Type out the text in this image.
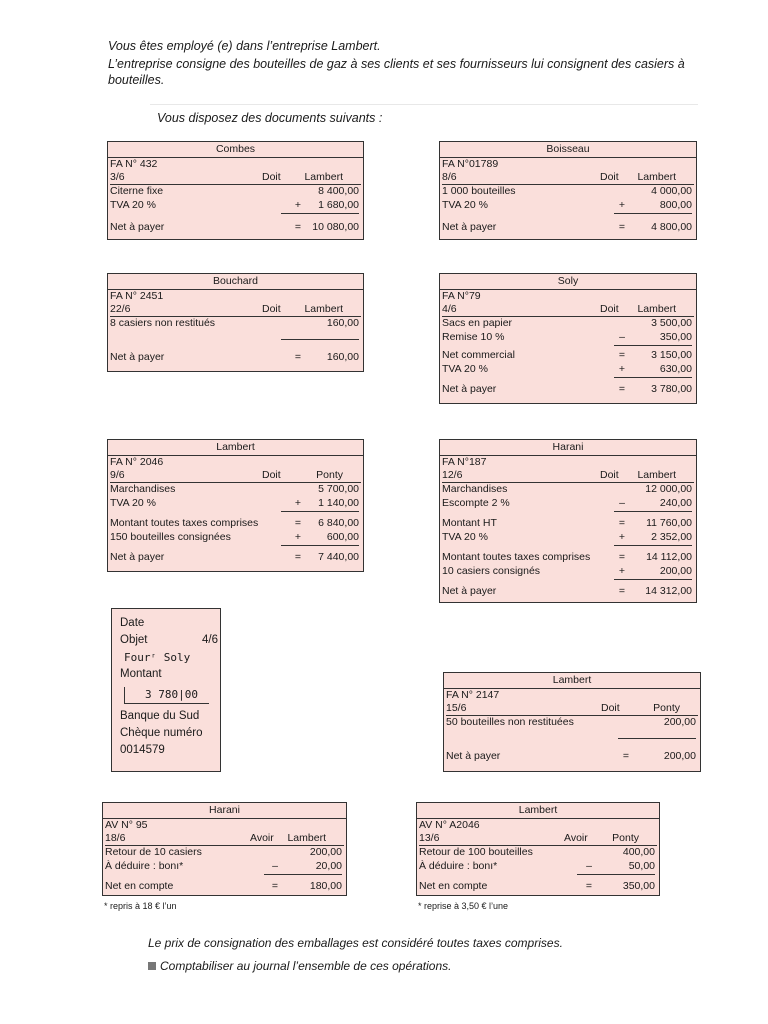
Vous êtes employé (e) dans l’entreprise Lambert.

L’entreprise consigne des bouteilles de gaz à ses clients et ses fournisseurs lui consignent des casiers à bouteilles.

Vous disposez des documents suivants :
Combes
FA N° 432
3/6	Doit Lambert
Citerne fixe	8 400,00
TVA 20 %	+	1 680,00
Net à payer	=	10 080,00
Boisseau
FA N°01789
8/6	Doit Lambert
1 000 bouteilles	4 000,00
TVA 20 %	+	800,00
Net à payer	=	4 800,00
Bouchard
FA N° 2451
22/6	Doit Lambert
8 casiers non restitués	160,00
Net à payer	=	160,00
Soly
FA N°79
4/6	Doit Lambert
Sacs en papier	3 500,00
Remise 10 %	–	350,00
Net commercial	=	3 150,00
TVA 20 %	+	630,00
Net à payer	=	3 780,00
Lambert
FA N° 2046
9/6	Doit	Ponty
Marchandises	5 700,00
TVA 20 %	+	1 140,00
Montant toutes taxes comprises	=	6 840,00
150 bouteilles consignées	+	600,00
Net à payer	=	7 440,00
Harani
FA N°187
12/6	Doit Lambert
Marchandises	12 000,00
Escompte 2 %	–	240,00
Montant HT	=	11 760,00
TVA 20 %	+	2 352,00
Montant toutes taxes comprises	=	14 112,00
10 casiers consignés	+	200,00
Net à payer	=	14 312,00
Lambert
FA N° 2147
15/6	Doit	Ponty
50 bouteilles non restituées	200,00
Net à payer	=	200,00
Harani
AV N° 95
18/6	Avoir Lambert
Retour de 10 casiers	200,00
À déduire : bonı*	–	20,00
Net en compte	=	180,00
Lambert
AV N° A2046
13/6	Avoir Ponty
Retour de 100 bouteilles	400,00
À déduire : bonı*	–	50,00
Net en compte	=	350,00
Date
Objet	4/6
Fourʳ Soly
Montant
3 780|00
Banque du Sud
Chèque numéro
0014579
* repris à 18 € l’un	* reprise à 3,50 € l’une
Le prix de consignation des emballages est considéré toutes taxes comprises.
Comptabiliser au journal l’ensemble de ces opérations.
